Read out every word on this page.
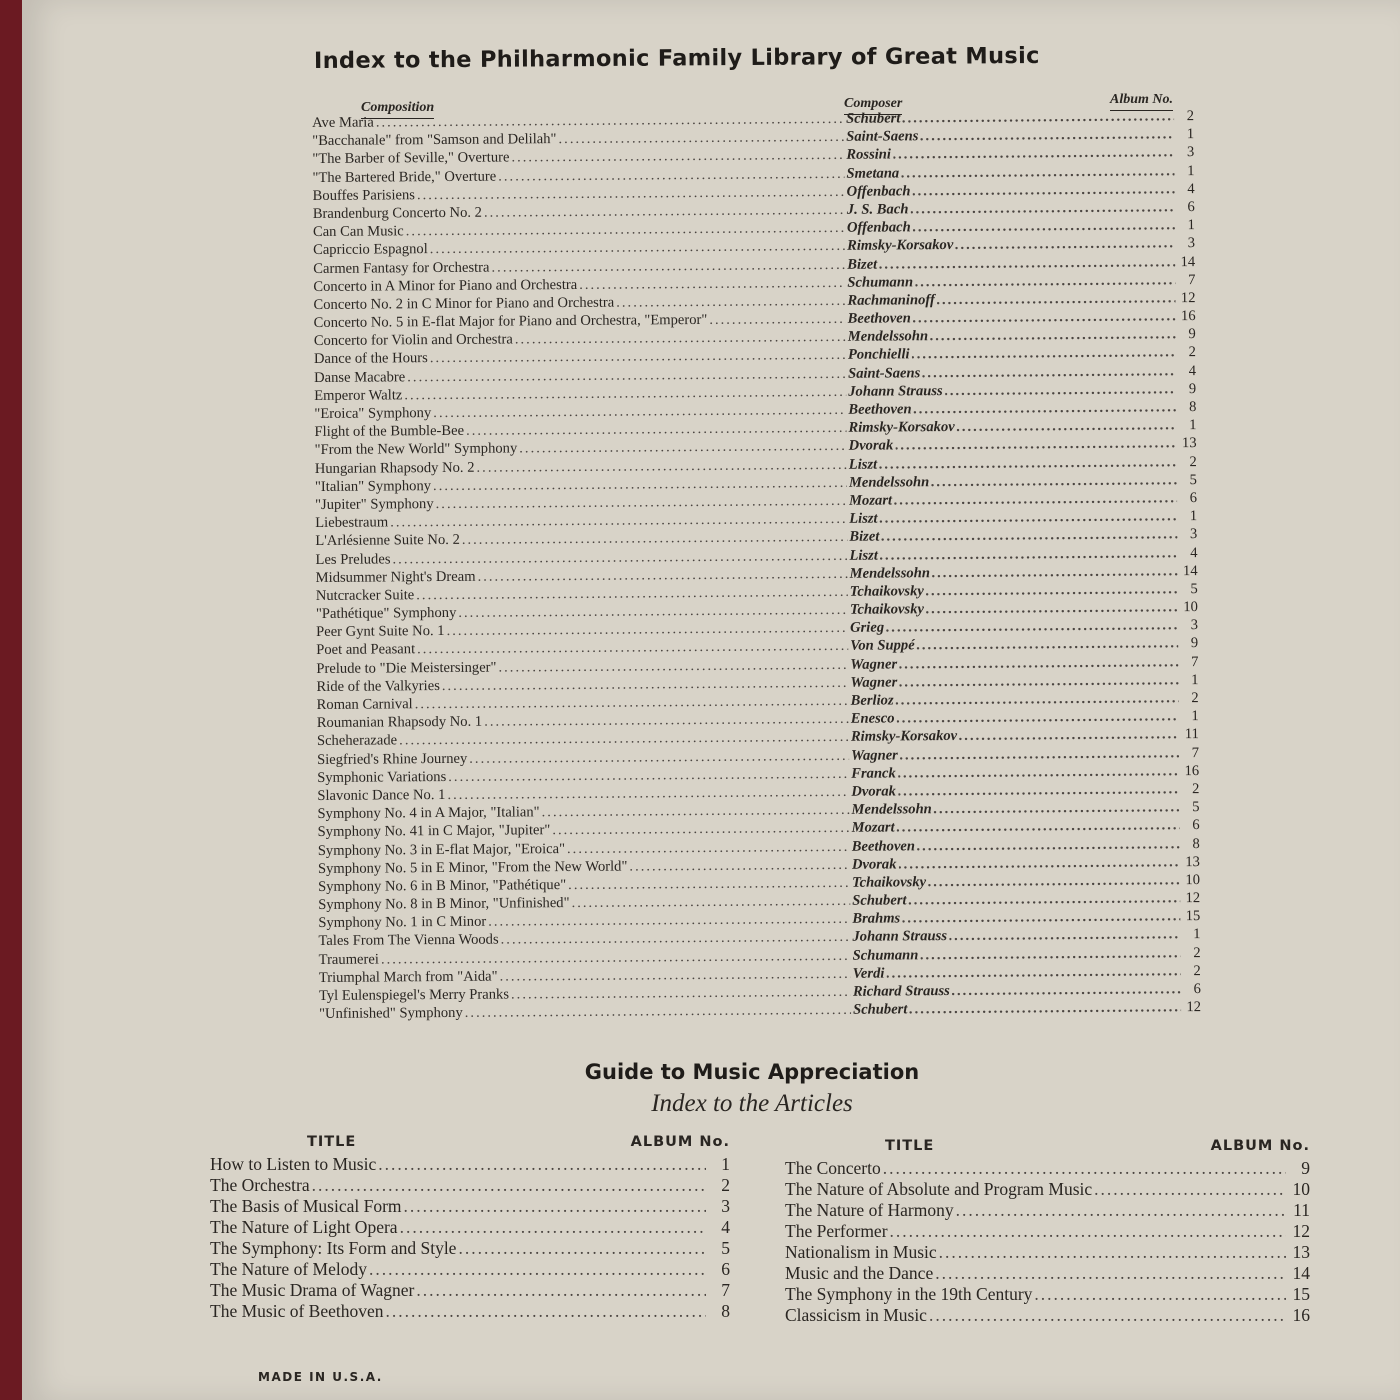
Index to the Philharmonic Family Library of Great Music
Composition	Composer	Album No.
Ave Maria .....	Schubert .....	2
"Bacchanale" from "Samson and Delilah" .....	Saint-Saens .....	1
"The Barber of Seville," Overture .....	Rossini .....	3
"The Bartered Bride," Overture .....	Smetana .....	1
Bouffes Parisiens .....	Offenbach .....	4
Brandenburg Concerto No. 2 .....	J. S. Bach .....	6
Can Can Music .....	Offenbach .....	1
Capriccio Espagnol .....	Rimsky-Korsakov .....	3
Carmen Fantasy for Orchestra .....	Bizet .....	14
Concerto in A Minor for Piano and Orchestra .....	Schumann .....	7
Concerto No. 2 in C Minor for Piano and Orchestra .....	Rachmaninoff .....	12
Concerto No. 5 in E-flat Major for Piano and Orchestra, "Emperor" .....	Beethoven .....	16
Concerto for Violin and Orchestra .....	Mendelssohn .....	9
Dance of the Hours .....	Ponchielli .....	2
Danse Macabre .....	Saint-Saens .....	4
Emperor Waltz .....	Johann Strauss .....	9
"Eroica" Symphony .....	Beethoven .....	8
Flight of the Bumble-Bee .....	Rimsky-Korsakov .....	1
"From the New World" Symphony .....	Dvorak .....	13
Hungarian Rhapsody No. 2 .....	Liszt .....	2
"Italian" Symphony .....	Mendelssohn .....	5
"Jupiter" Symphony .....	Mozart .....	6
Liebestraum .....	Liszt .....	1
L'Arlésienne Suite No. 2 .....	Bizet .....	3
Les Preludes .....	Liszt .....	4
Midsummer Night's Dream .....	Mendelssohn .....	14
Nutcracker Suite .....	Tchaikovsky .....	5
"Pathétique" Symphony .....	Tchaikovsky .....	10
Peer Gynt Suite No. 1 .....	Grieg .....	3
Poet and Peasant .....	Von Suppé .....	9
Prelude to "Die Meistersinger" .....	Wagner .....	7
Ride of the Valkyries .....	Wagner .....	1
Roman Carnival .....	Berlioz .....	2
Roumanian Rhapsody No. 1 .....	Enesco .....	1
Scheherazade .....	Rimsky-Korsakov .....	11
Siegfried's Rhine Journey .....	Wagner .....	7
Symphonic Variations .....	Franck .....	16
Slavonic Dance No. 1 .....	Dvorak .....	2
Symphony No. 4 in A Major, "Italian" .....	Mendelssohn .....	5
Symphony No. 41 in C Major, "Jupiter" .....	Mozart .....	6
Symphony No. 3 in E-flat Major, "Eroica" .....	Beethoven .....	8
Symphony No. 5 in E Minor, "From the New World" .....	Dvorak .....	13
Symphony No. 6 in B Minor, "Pathétique" .....	Tchaikovsky .....	10
Symphony No. 8 in B Minor, "Unfinished" .....	Schubert .....	12
Symphony No. 1 in C Minor .....	Brahms .....	15
Tales From The Vienna Woods .....	Johann Strauss .....	1
Traumerei .....	Schumann .....	2
Triumphal March from "Aida" .....	Verdi .....	2
Tyl Eulenspiegel's Merry Pranks .....	Richard Strauss .....	6
"Unfinished" Symphony .....	Schubert .....	12
Guide to Music Appreciation
Index to the Articles
TITLE	ALBUM No.
How to Listen to Music .....	1
The Orchestra .....	2
The Basis of Musical Form .....	3
The Nature of Light Opera .....	4
The Symphony: Its Form and Style .....	5
The Nature of Melody .....	6
The Music Drama of Wagner .....	7
The Music of Beethoven .....	8
TITLE	ALBUM No.
The Concerto .....	9
The Nature of Absolute and Program Music .....	10
The Nature of Harmony .....	11
The Performer .....	12
Nationalism in Music .....	13
Music and the Dance .....	14
The Symphony in the 19th Century .....	15
Classicism in Music .....	16
MADE IN U.S.A.
